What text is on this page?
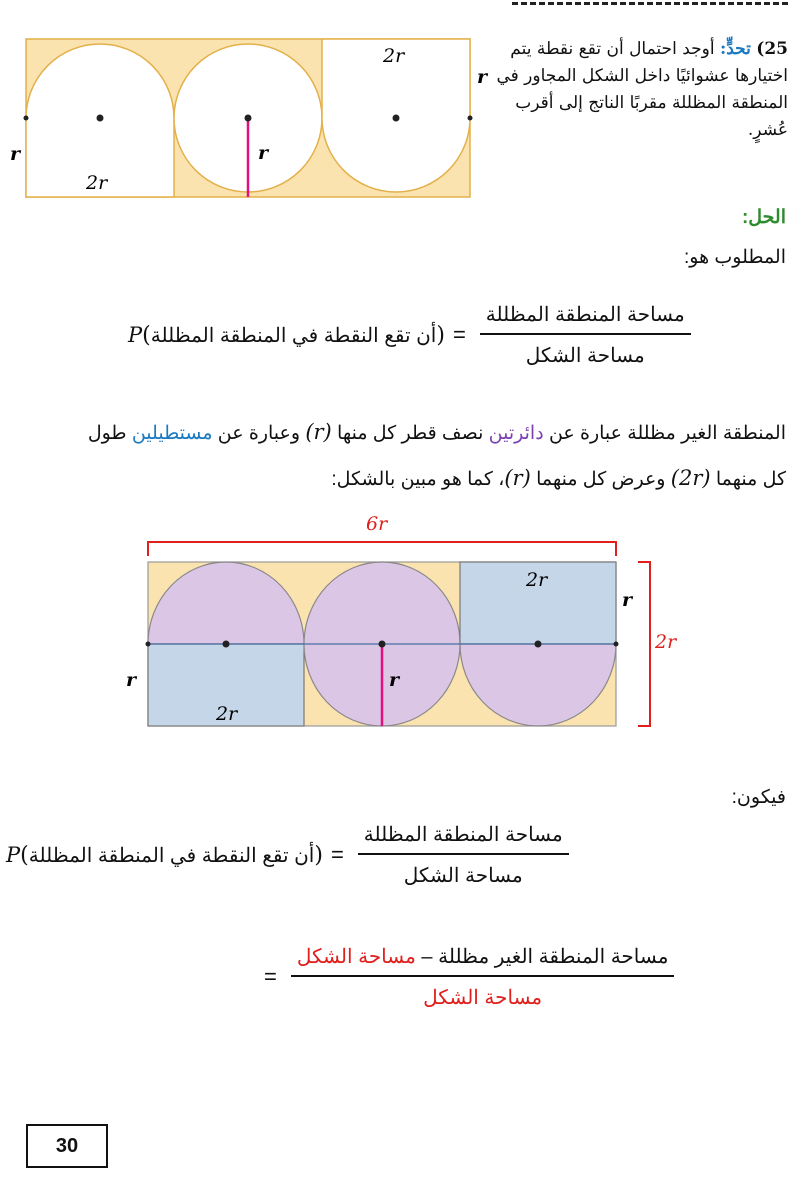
2r
2r
r
r
r
25) تحدٍّ: أوجد احتمال أن تقع نقطة يتم اختيارها عشوائيًا داخل الشكل المجاور في المنطقة المظللة مقربًا الناتج إلى أقرب عُشرٍ.
الحل:
المطلوب هو:
P ( أن تقع النقطة في المنطقة المظللة ) = $\frac{\text{مساحة المنطقة المظللة}}{\text{مساحة الشكل}}$
المنطقة الغير مظللة عبارة عن دائرتين نصف قطر كل منها (r) وعبارة عن مستطيلين طول
كل منهما (2r) وعرض كل منهما (r)، كما هو مبين بالشكل:
2r
2r
r
r
r
6r
2r
فيكون:
P ( أن تقع النقطة في المنطقة المظللة ) = $\frac{\text{مساحة المنطقة المظللة}}{\text{مساحة الشكل}}$
= $\frac{\text{مساحة المنطقة الغير مظللة – مساحة الشكل}}{\text{مساحة الشكل}}$
30
